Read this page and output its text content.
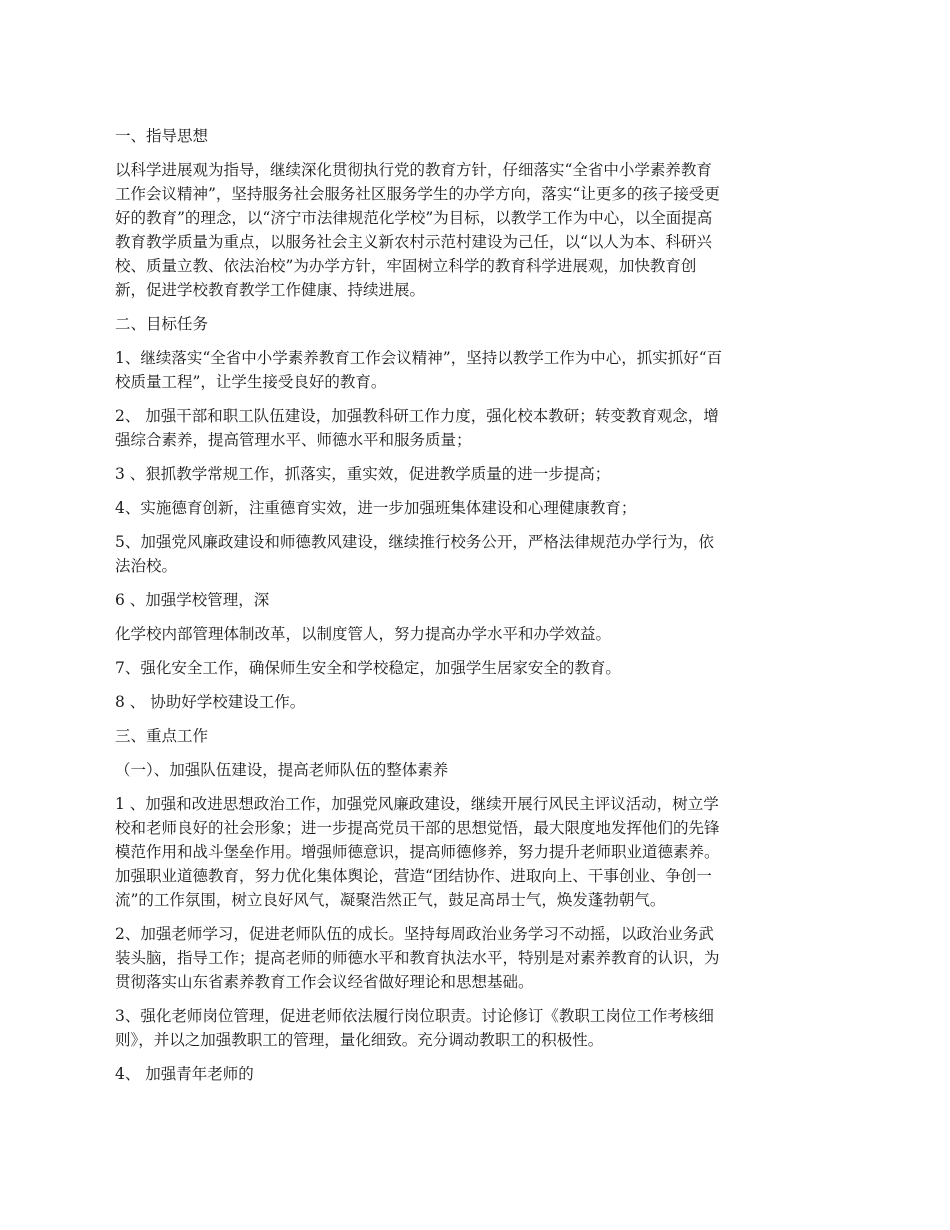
一、指导思想

以科学进展观为指导，继续深化贯彻执行党的教育方针，仔细落实“全省中小学素养教育
工作会议精神”，坚持服务社会服务社区服务学生的办学方向，落实“让更多的孩子接受更
好的教育”的理念，以“济宁市法律规范化学校”为目标，以教学工作为中心，以全面提高
教育教学质量为重点，以服务社会主义新农村示范村建设为己任，以“以人为本、科研兴
校、质量立教、依法治校”为办学方针，牢固树立科学的教育科学进展观，加快教育创
新，促进学校教育教学工作健康、持续进展。

二、目标任务

1、继续落实“全省中小学素养教育工作会议精神”，坚持以教学工作为中心，抓实抓好“百
校质量工程”，让学生接受良好的教育。

2、 加强干部和职工队伍建设，加强教科研工作力度，强化校本教研；转变教育观念，增
强综合素养，提高管理水平、师德水平和服务质量；

3 、狠抓教学常规工作，抓落实，重实效，促进教学质量的进一步提高；

4、实施德育创新，注重德育实效，进一步加强班集体建设和心理健康教育；

5、加强党风廉政建设和师德教风建设，继续推行校务公开，严格法律规范办学行为，依
法治校。

6 、加强学校管理，深

化学校内部管理体制改革，以制度管人，努力提高办学水平和办学效益。

7、强化安全工作，确保师生安全和学校稳定，加强学生居家安全的教育。

8 、 协助好学校建设工作。

三、重点工作

（一）、加强队伍建设，提高老师队伍的整体素养

1 、加强和改进思想政治工作，加强党风廉政建设，继续开展行风民主评议活动，树立学
校和老师良好的社会形象；进一步提高党员干部的思想觉悟，最大限度地发挥他们的先锋
模范作用和战斗堡垒作用。增强师德意识，提高师德修养，努力提升老师职业道德素养。
加强职业道德教育，努力优化集体舆论，营造“团结协作、进取向上、干事创业、争创一
流”的工作氛围，树立良好风气，凝聚浩然正气，鼓足高昂士气，焕发蓬勃朝气。

2、加强老师学习，促进老师队伍的成长。坚持每周政治业务学习不动摇，以政治业务武
装头脑，指导工作；提高老师的师德水平和教育执法水平，特别是对素养教育的认识，为
贯彻落实山东省素养教育工作会议经省做好理论和思想基础。

3、强化老师岗位管理，促进老师依法履行岗位职责。讨论修订《教职工岗位工作考核细
则》，并以之加强教职工的管理，量化细致。充分调动教职工的积极性。

4、 加强青年老师的
